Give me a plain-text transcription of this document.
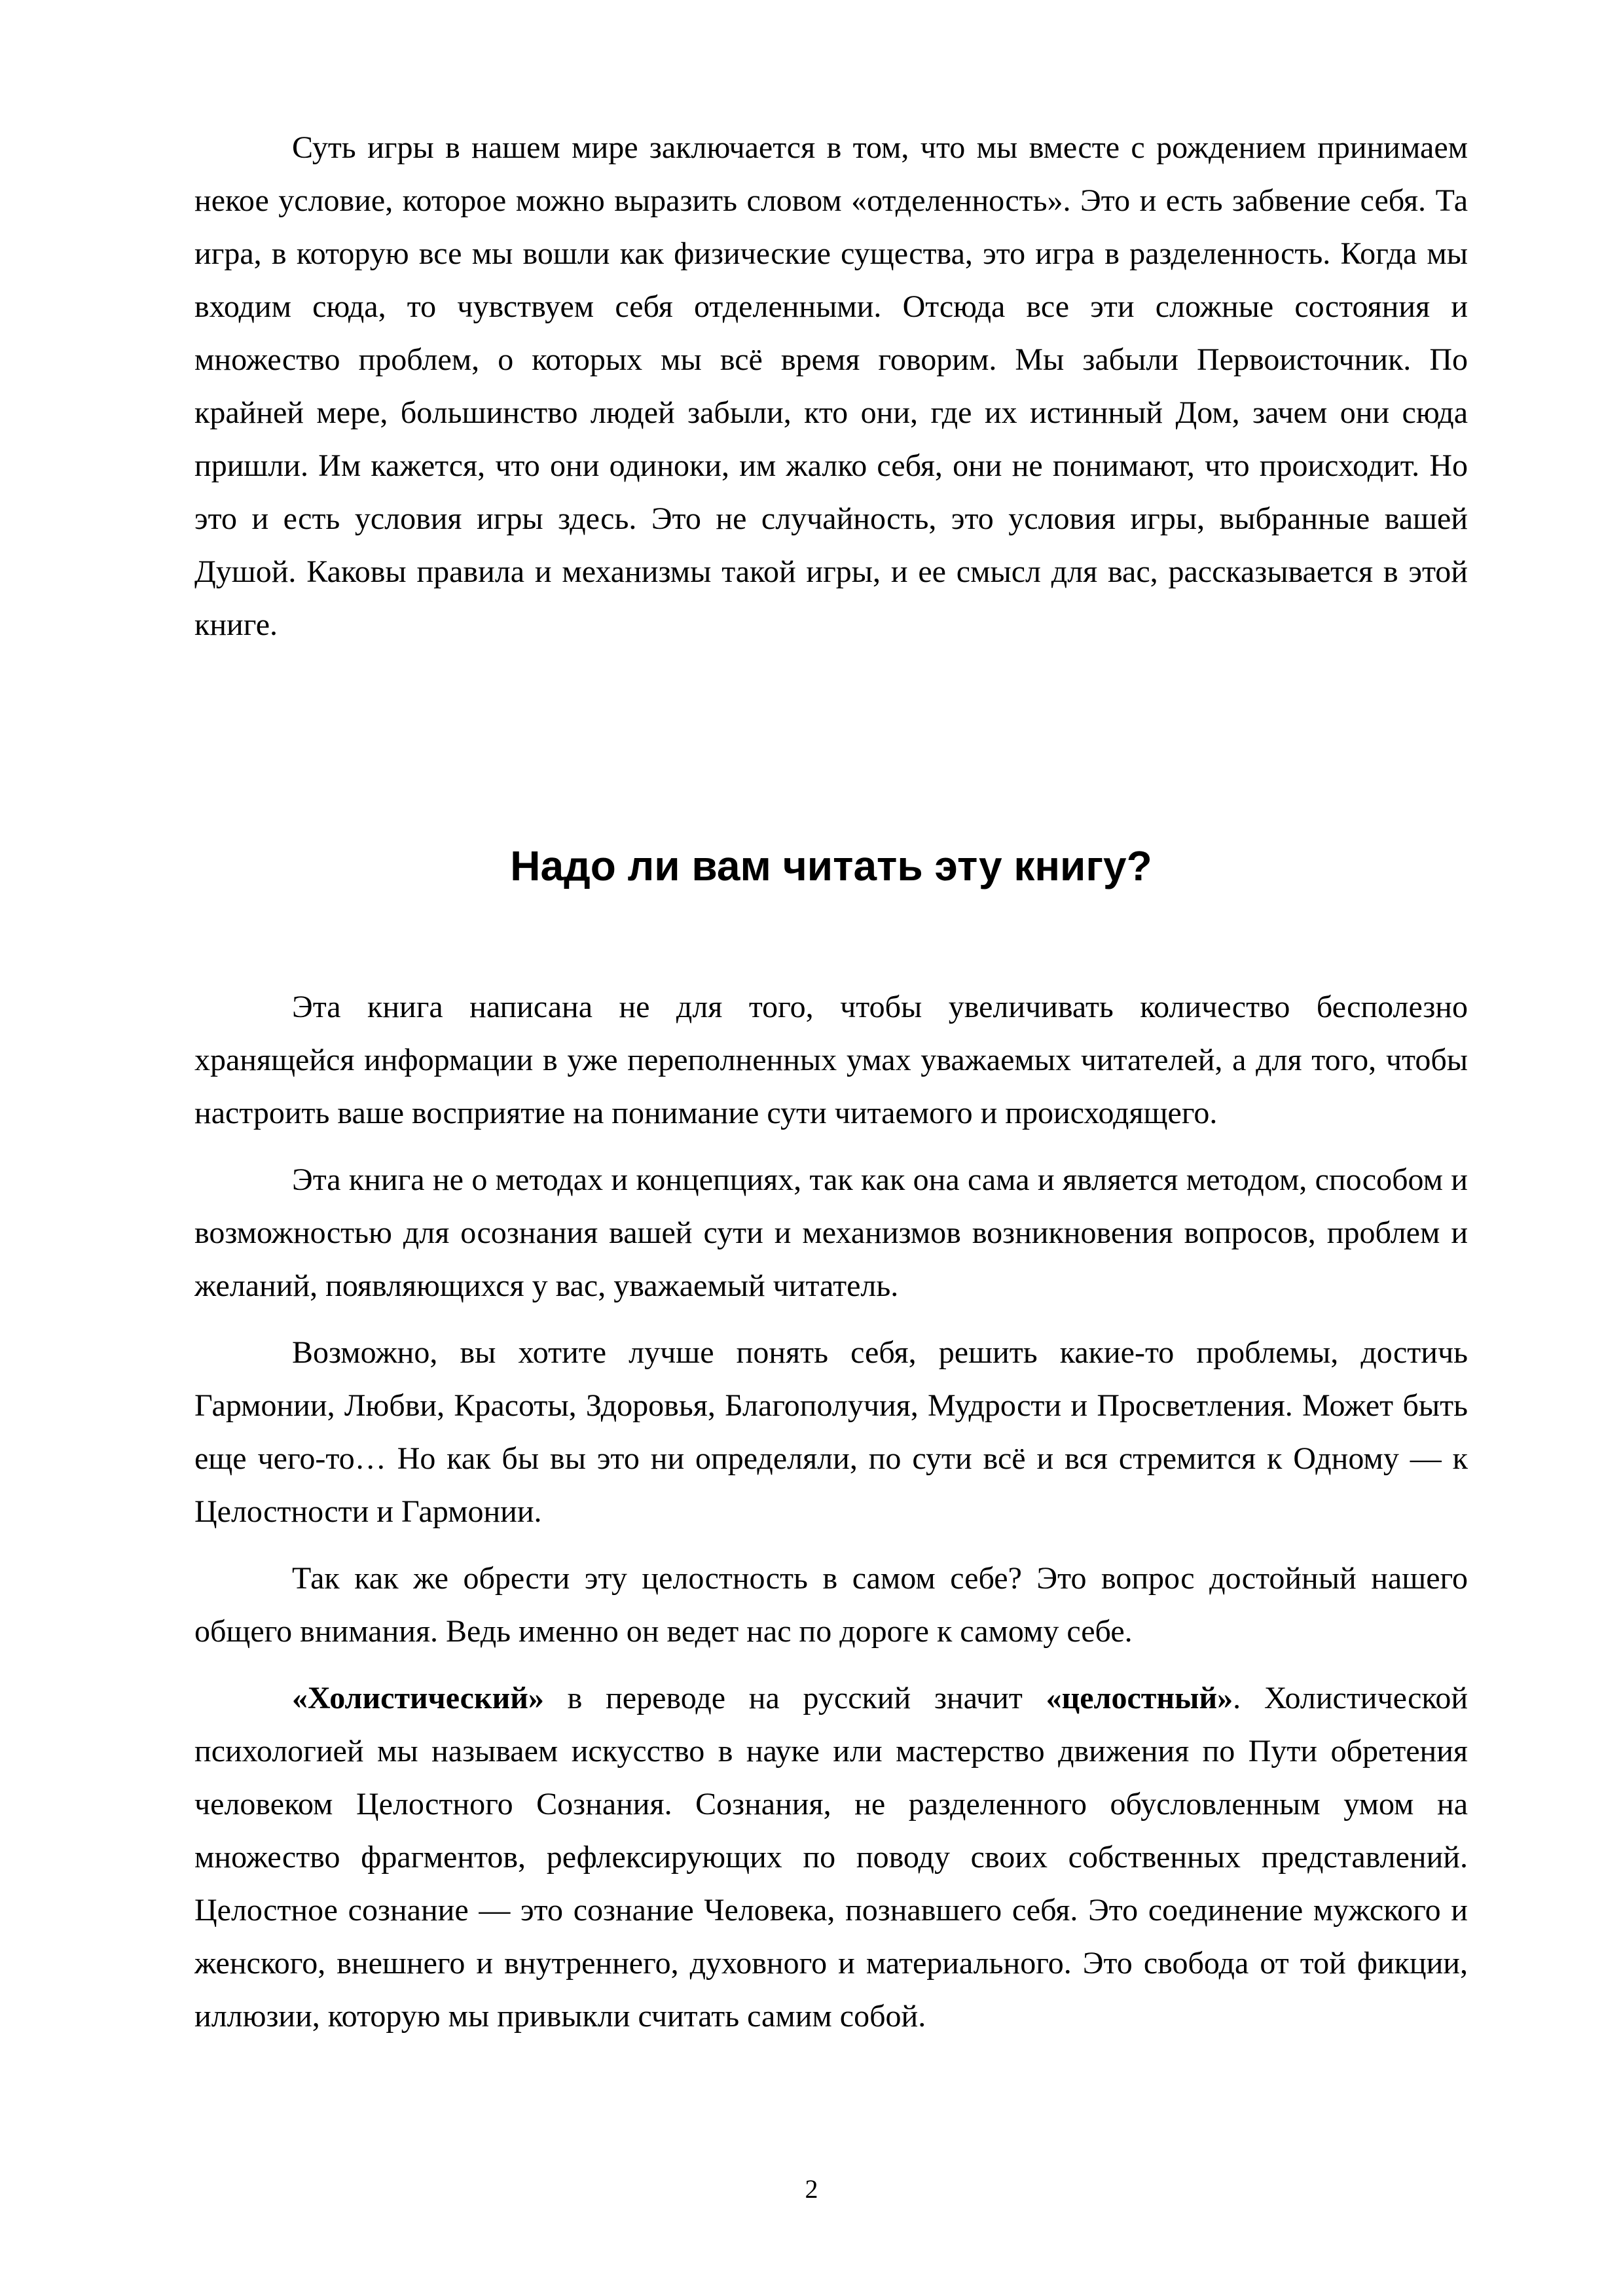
Суть игры в нашем мире заключается в том, что мы вместе с рождением принимаем некое условие, которое можно выразить словом «отделенность». Это и есть забвение себя. Та игра, в которую все мы вошли как физические существа, это игра в разделенность. Когда мы входим сюда, то чувствуем себя отделенными. Отсюда все эти сложные состояния и множество проблем, о которых мы всё время говорим. Мы забыли Первоисточник. По крайней мере, большинство людей забыли, кто они, где их истинный Дом, зачем они сюда пришли. Им кажется, что они одиноки, им жалко себя, они не понимают, что происходит. Но это и есть условия игры здесь. Это не случайность, это условия игры, выбранные вашей Душой. Каковы правила и механизмы такой игры, и ее смысл для вас, рассказывается в этой книге.

Надо ли вам читать эту книгу?

Эта книга написана не для того, чтобы увеличивать количество бесполезно хранящейся информации в уже переполненных умах уважаемых читателей, а для того, чтобы настроить ваше восприятие на понимание сути читаемого и происходящего.

Эта книга не о методах и концепциях, так как она сама и является методом, способом и возможностью для осознания вашей сути и механизмов возникновения вопросов, проблем и желаний, появляющихся у вас, уважаемый читатель.

Возможно, вы хотите лучше понять себя, решить какие-то проблемы, достичь Гармонии, Любви, Красоты, Здоровья, Благополучия, Мудрости и Просветления. Может быть еще чего-то… Но как бы вы это ни определяли, по сути всё и вся стремится к Одному — к Целостности и Гармонии.

Так как же обрести эту целостность в самом себе? Это вопрос достойный нашего общего внимания. Ведь именно он ведет нас по дороге к самому себе.

«Холистический» в переводе на русский значит «целостный». Холистической психологией мы называем искусство в науке или мастерство движения по Пути обретения человеком Целостного Сознания. Сознания, не разделенного обусловленным умом на множество фрагментов, рефлексирующих по поводу своих собственных представлений. Целостное сознание — это сознание Человека, познавшего себя. Это соединение мужского и женского, внешнего и внутреннего, духовного и материального. Это свобода от той фикции, иллюзии, которую мы привыкли считать самим собой.

2
